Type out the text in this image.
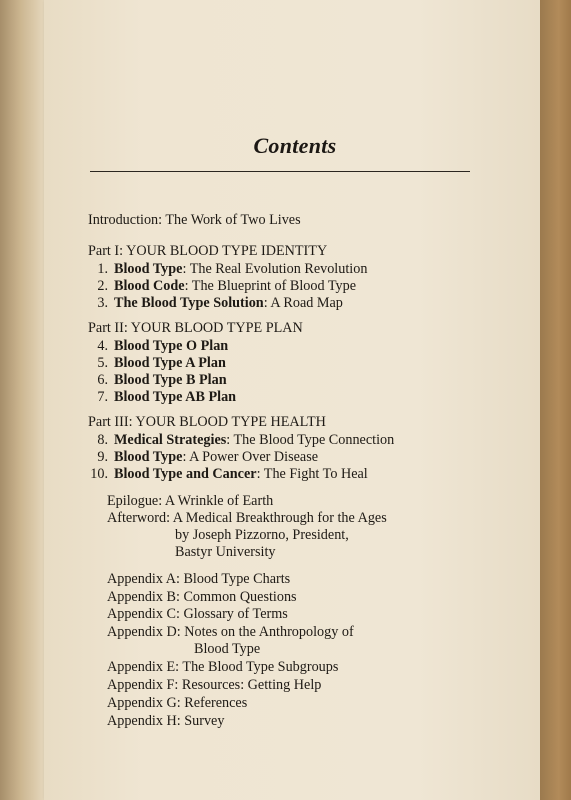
Contents
Introduction: The Work of Two Lives
Part I: YOUR BLOOD TYPE IDENTITY
1. Blood Type: The Real Evolution Revolution
2. Blood Code: The Blueprint of Blood Type
3. The Blood Type Solution: A Road Map
Part II: YOUR BLOOD TYPE PLAN
4. Blood Type O Plan
5. Blood Type A Plan
6. Blood Type B Plan
7. Blood Type AB Plan
Part III: YOUR BLOOD TYPE HEALTH
8. Medical Strategies: The Blood Type Connection
9. Blood Type: A Power Over Disease
10. Blood Type and Cancer: The Fight To Heal
Epilogue: A Wrinkle of Earth
Afterword: A Medical Breakthrough for the Ages
by Joseph Pizzorno, President,
Bastyr University
Appendix A: Blood Type Charts
Appendix B: Common Questions
Appendix C: Glossary of Terms
Appendix D: Notes on the Anthropology of
Blood Type
Appendix E: The Blood Type Subgroups
Appendix F: Resources: Getting Help
Appendix G: References
Appendix H: Survey
